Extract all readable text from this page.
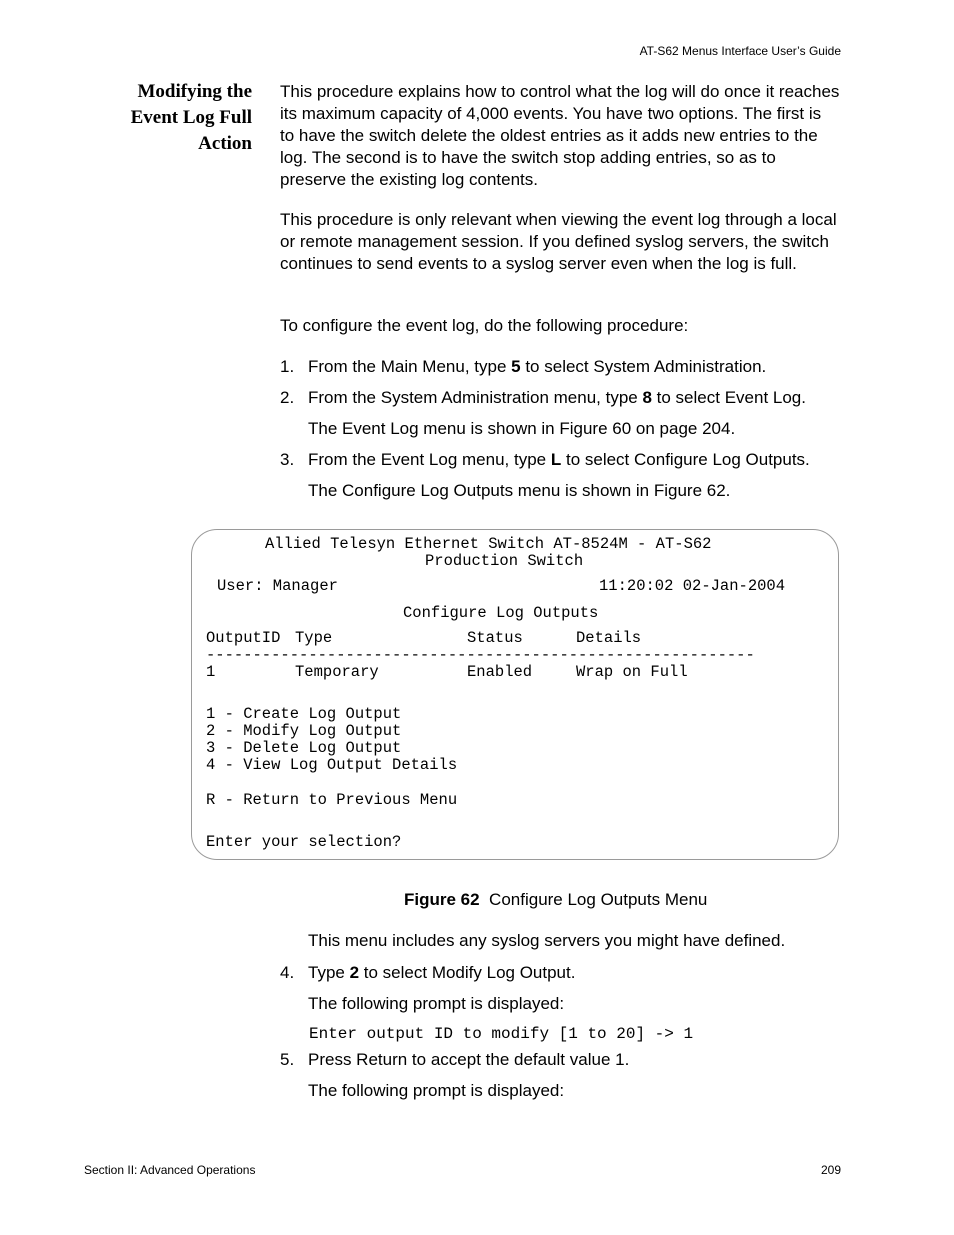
AT-S62 Menus Interface User’s Guide
Modifying the Event Log Full Action

This procedure explains how to control what the log will do once it reaches its maximum capacity of 4,000 events. You have two options. The first is to have the switch delete the oldest entries as it adds new entries to the log. The second is to have the switch stop adding entries, so as to preserve the existing log contents.

This procedure is only relevant when viewing the event log through a local or remote management session. If you defined syslog servers, the switch continues to send events to a syslog server even when the log is full.

To configure the event log, do the following procedure:

1. From the Main Menu, type 5 to select System Administration.
2. From the System Administration menu, type 8 to select Event Log.
The Event Log menu is shown in Figure 60 on page 204.
3. From the Event Log menu, type L to select Configure Log Outputs.
The Configure Log Outputs menu is shown in Figure 62.
Allied Telesyn Ethernet Switch AT-8524M - AT-S62
Production Switch
User: Manager	11:20:02 02-Jan-2004
Configure Log Outputs
OutputID Type	Status	Details
-----------------------------------------------------------
1	Temporary	Enabled	Wrap on Full
1 - Create Log Output
2 - Modify Log Output
3 - Delete Log Output
4 - View Log Output Details
R - Return to Previous Menu
Enter your selection?
Figure 62 Configure Log Outputs Menu
This menu includes any syslog servers you might have defined.
4. Type 2 to select Modify Log Output.
The following prompt is displayed:
Enter output ID to modify [1 to 20] -> 1
5. Press Return to accept the default value 1.
The following prompt is displayed:
Section II: Advanced Operations	209
